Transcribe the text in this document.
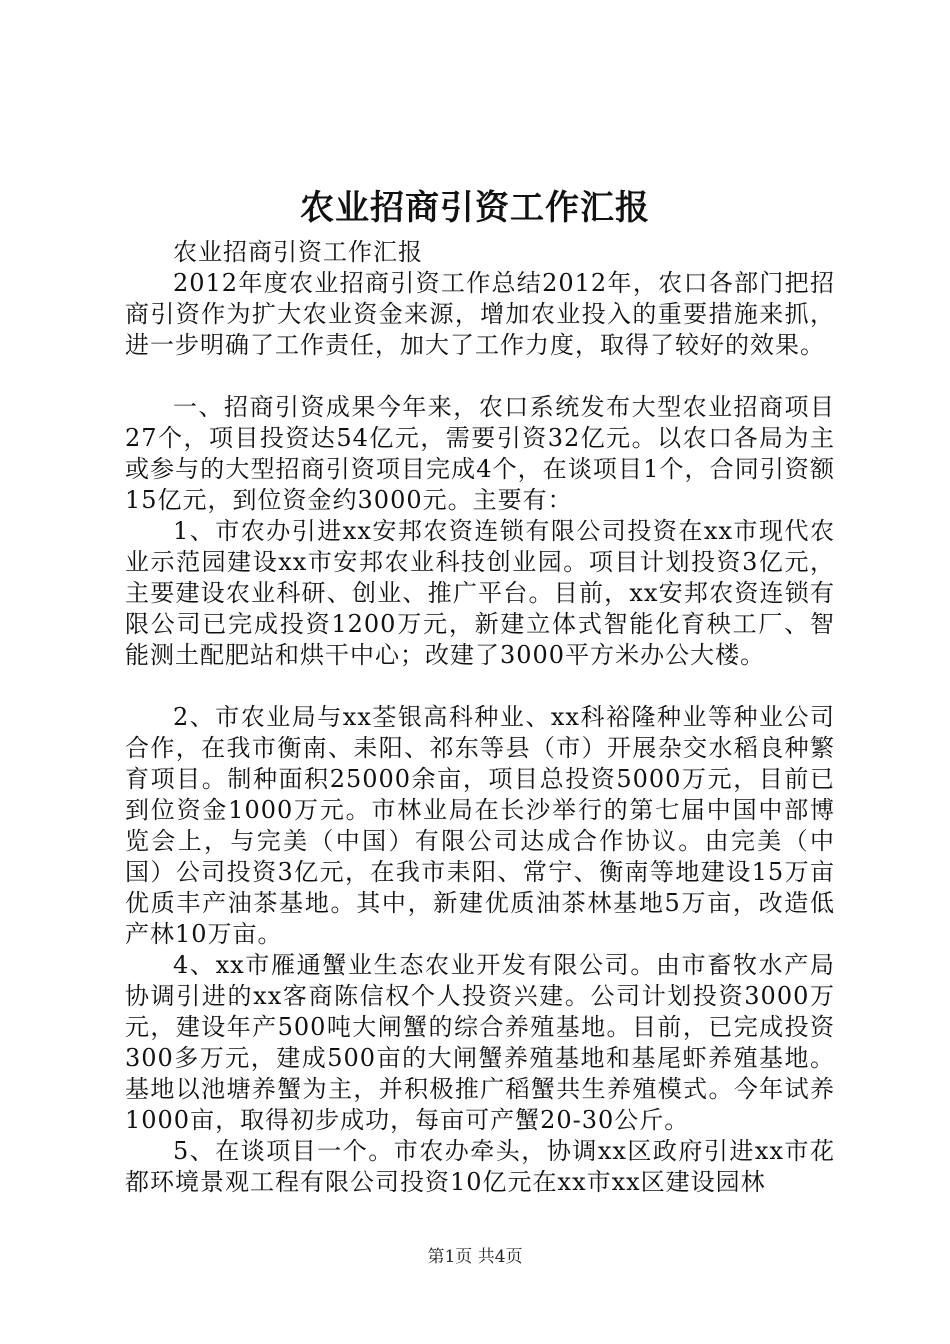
农业招商引资工作汇报

农业招商引资工作汇报

2012年度农业招商引资工作总结2012年，农口各部门把招商引资作为扩大农业资金来源，增加农业投入的重要措施来抓，进一步明确了工作责任，加大了工作力度，取得了较好的效果。

一、招商引资成果今年来，农口系统发布大型农业招商项目27个，项目投资达54亿元，需要引资32亿元。以农口各局为主或参与的大型招商引资项目完成4个，在谈项目1个，合同引资额15亿元，到位资金约3000元。主要有：

1、市农办引进xx安邦农资连锁有限公司投资在xx市现代农业示范园建设xx市安邦农业科技创业园。项目计划投资3亿元，主要建设农业科研、创业、推广平台。目前，xx安邦农资连锁有限公司已完成投资1200万元，新建立体式智能化育秧工厂、智能测土配肥站和烘干中心；改建了3000平方米办公大楼。

2、市农业局与xx荃银高科种业、xx科裕隆种业等种业公司合作，在我市衡南、耒阳、祁东等县（市）开展杂交水稻良种繁育项目。制种面积25000余亩，项目总投资5000万元，目前已到位资金1000万元。市林业局在长沙举行的第七届中国中部博览会上，与完美（中国）有限公司达成合作协议。由完美（中国）公司投资3亿元，在我市耒阳、常宁、衡南等地建设15万亩优质丰产油茶基地。其中，新建优质油茶林基地5万亩，改造低产林10万亩。

4、xx市雁通蟹业生态农业开发有限公司。由市畜牧水产局协调引进的xx客商陈信权个人投资兴建。公司计划投资3000万元，建设年产500吨大闸蟹的综合养殖基地。目前，已完成投资300多万元，建成500亩的大闸蟹养殖基地和基尾虾养殖基地。基地以池塘养蟹为主，并积极推广稻蟹共生养殖模式。今年试养1000亩，取得初步成功，每亩可产蟹20-30公斤。

5、在谈项目一个。市农办牵头，协调xx区政府引进xx市花都环境景观工程有限公司投资10亿元在xx市xx区建设园林

第1页 共4页
